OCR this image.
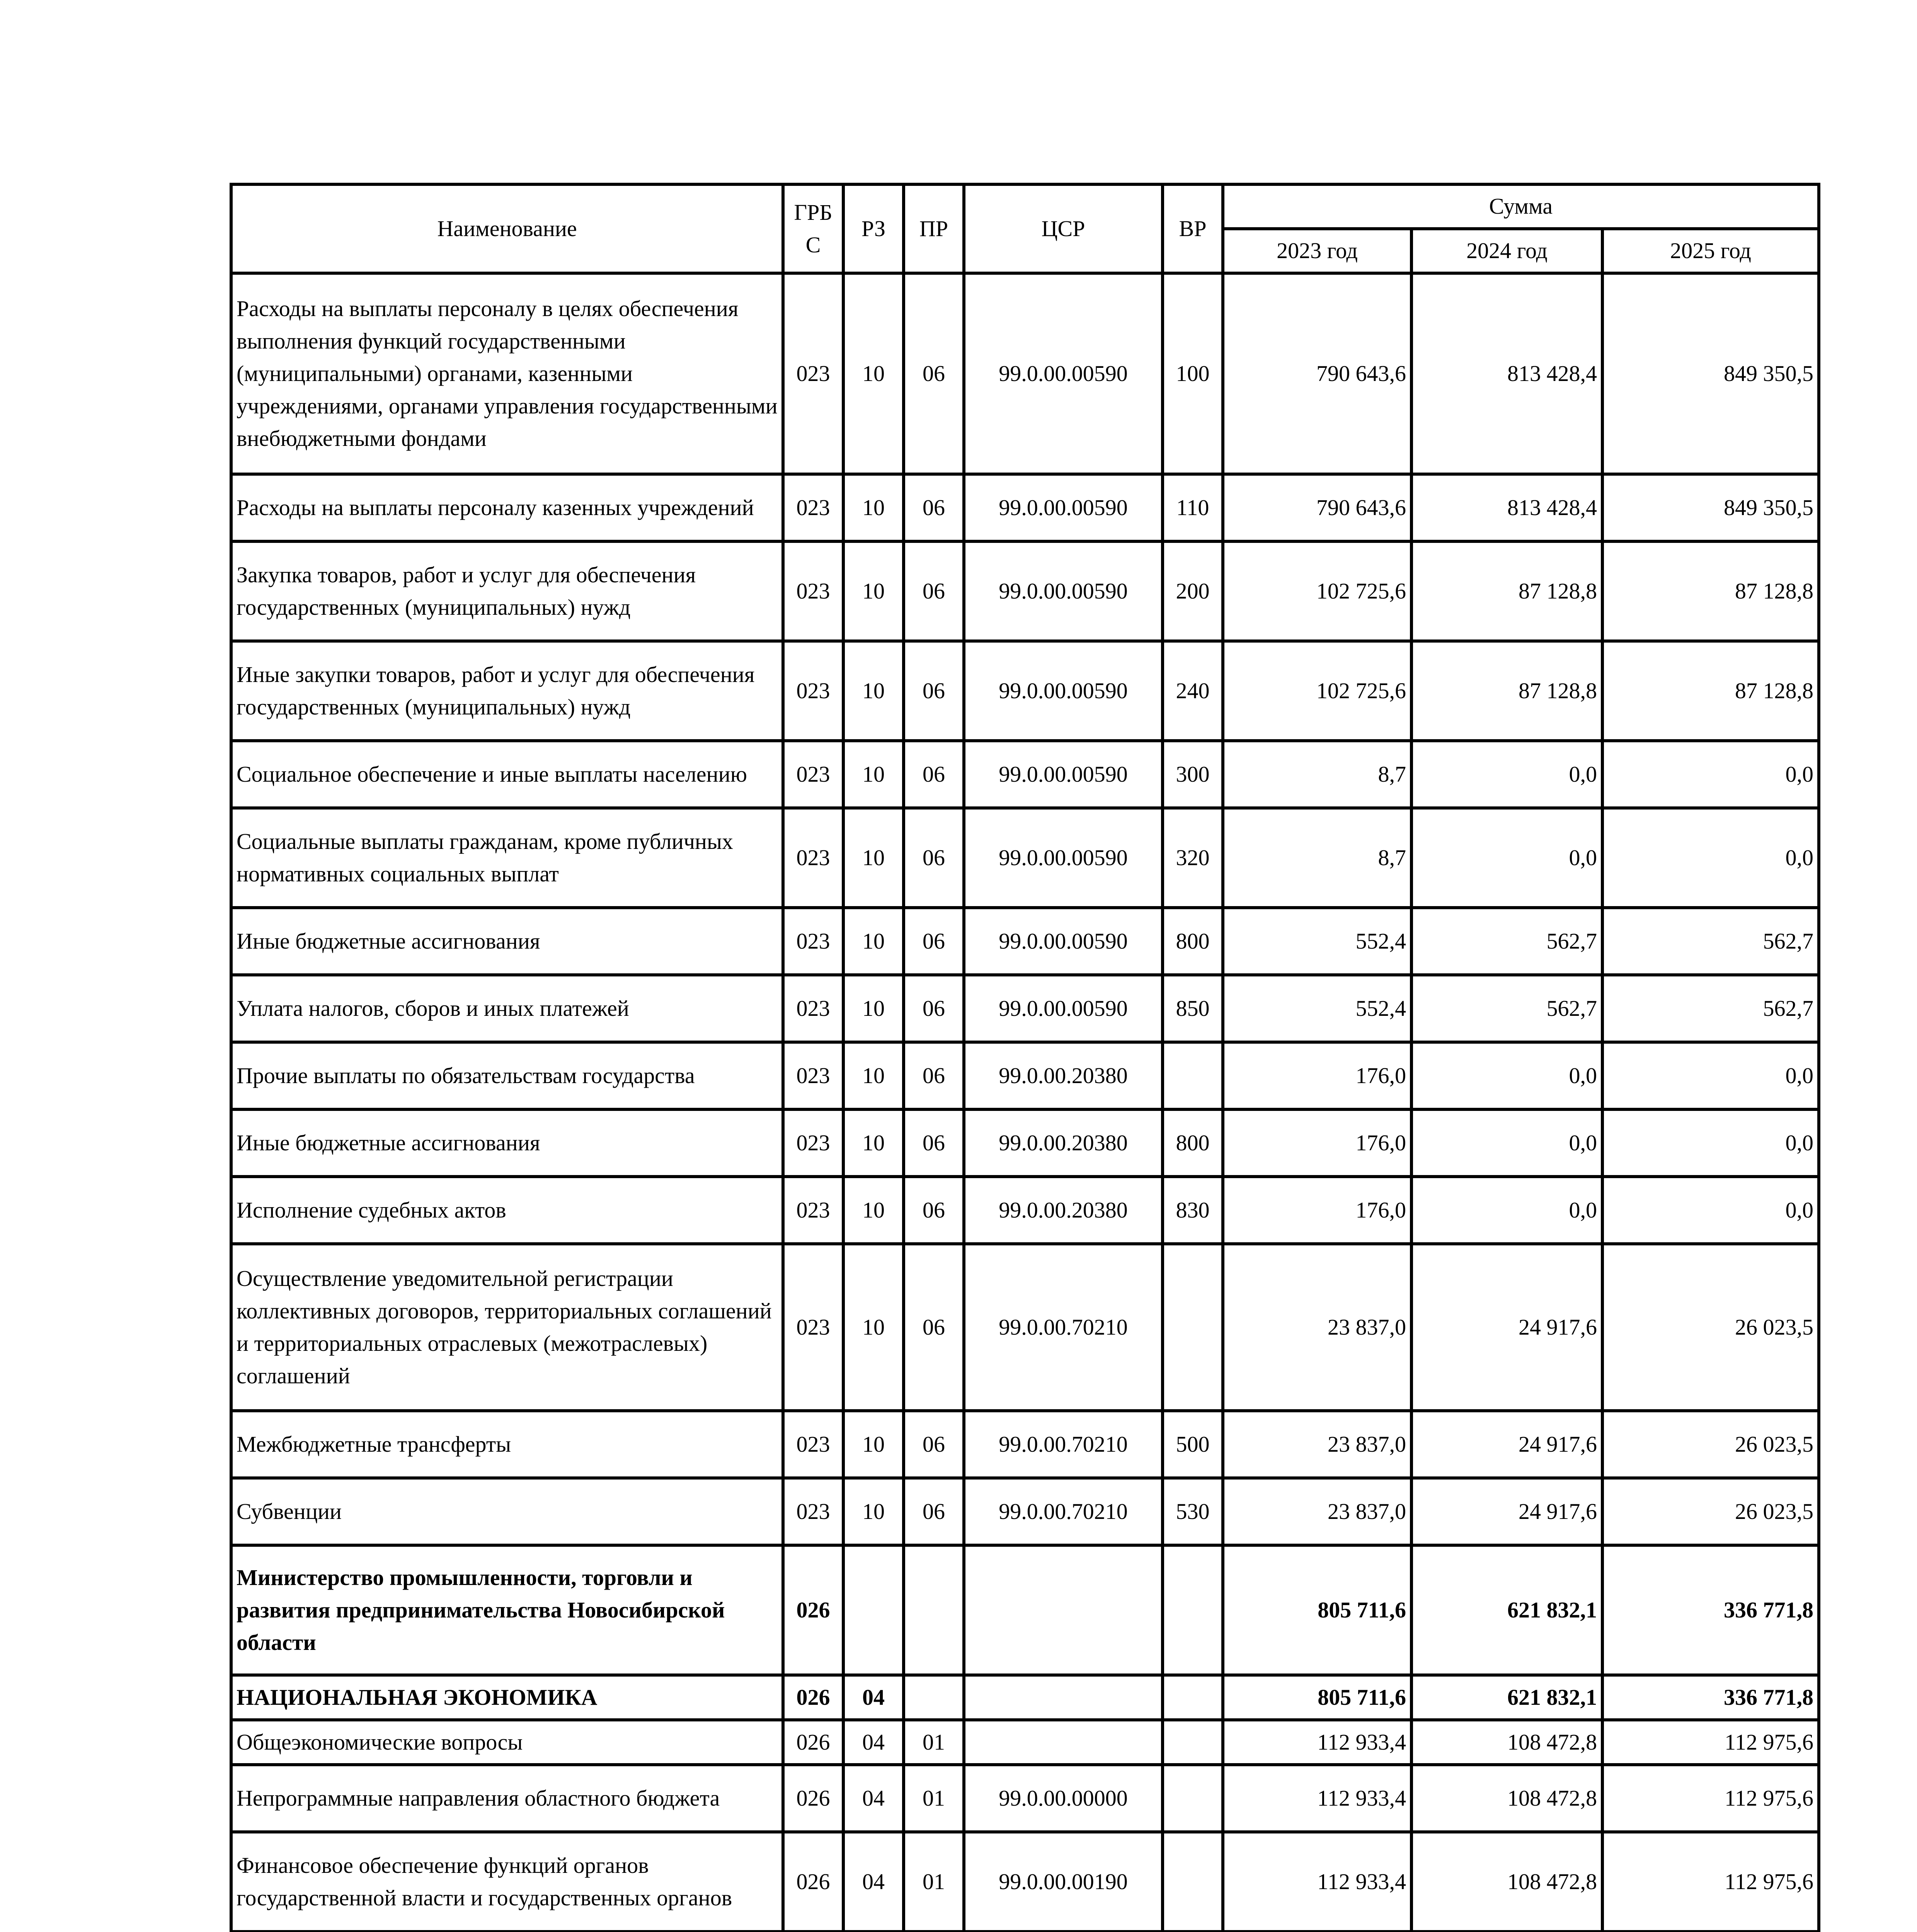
Наименование	ГРБС	РЗ	ПР	ЦСР	ВР	Сумма		
						2023 год	2024 год	2025 год
Расходы на выплаты персоналу в целях обеспечения выполнения функций государственными (муниципальными) органами, казенными учреждениями, органами управления государственными внебюджетными фондами	023	10	06	99.0.00.00590	100	790 643,6	813 428,4	849 350,5
Расходы на выплаты персоналу казенных учреждений	023	10	06	99.0.00.00590	110	790 643,6	813 428,4	849 350,5
Закупка товаров, работ и услуг для обеспечения государственных (муниципальных) нужд	023	10	06	99.0.00.00590	200	102 725,6	87 128,8	87 128,8
Иные закупки товаров, работ и услуг для обеспечения государственных (муниципальных) нужд	023	10	06	99.0.00.00590	240	102 725,6	87 128,8	87 128,8
Социальное обеспечение и иные выплаты населению	023	10	06	99.0.00.00590	300	8,7	0,0	0,0
Социальные выплаты гражданам, кроме публичных нормативных социальных выплат	023	10	06	99.0.00.00590	320	8,7	0,0	0,0
Иные бюджетные ассигнования	023	10	06	99.0.00.00590	800	552,4	562,7	562,7
Уплата налогов, сборов и иных платежей	023	10	06	99.0.00.00590	850	552,4	562,7	562,7
Прочие выплаты по обязательствам государства	023	10	06	99.0.00.20380		176,0	0,0	0,0
Иные бюджетные ассигнования	023	10	06	99.0.00.20380	800	176,0	0,0	0,0
Исполнение судебных актов	023	10	06	99.0.00.20380	830	176,0	0,0	0,0
Осуществление уведомительной регистрации коллективных договоров, территориальных соглашений и территориальных отраслевых (межотраслевых) соглашений	023	10	06	99.0.00.70210		23 837,0	24 917,6	26 023,5
Межбюджетные трансферты	023	10	06	99.0.00.70210	500	23 837,0	24 917,6	26 023,5
Субвенции	023	10	06	99.0.00.70210	530	23 837,0	24 917,6	26 023,5
Министерство промышленности, торговли и развития предпринимательства Новосибирской области	026					805 711,6	621 832,1	336 771,8
НАЦИОНАЛЬНАЯ ЭКОНОМИКА	026	04				805 711,6	621 832,1	336 771,8
Общеэкономические вопросы	026	04	01			112 933,4	108 472,8	112 975,6
Непрограммные направления областного бюджета	026	04	01	99.0.00.00000		112 933,4	108 472,8	112 975,6
Финансовое обеспечение функций органов государственной власти и государственных органов	026	04	01	99.0.00.00190		112 933,4	108 472,8	112 975,6
